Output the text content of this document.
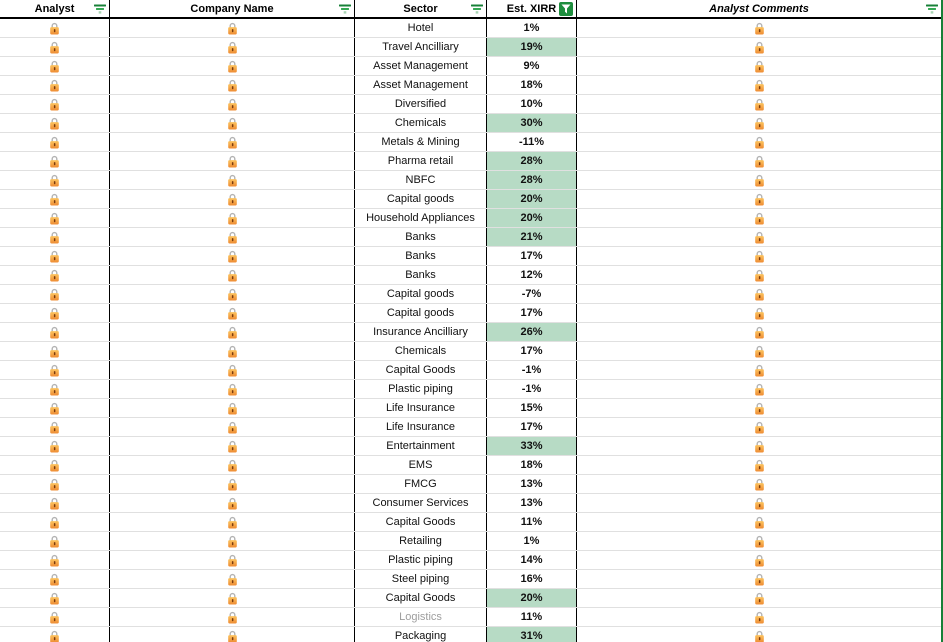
Analyst	Company Name	Sector	Est. XIRR	Analyst Comments
Hotel	1%
Travel Ancilliary	19%
Asset Management	9%
Asset Management	18%
Diversified	10%
Chemicals	30%
Metals & Mining	-11%
Pharma retail	28%
NBFC	28%
Capital goods	20%
Household Appliances	20%
Banks	21%
Banks	17%
Banks	12%
Capital goods	-7%
Capital goods	17%
Insurance Ancilliary	26%
Chemicals	17%
Capital Goods	-1%
Plastic piping	-1%
Life Insurance	15%
Life Insurance	17%
Entertainment	33%
EMS	18%
FMCG	13%
Consumer Services	13%
Capital Goods	11%
Retailing	1%
Plastic piping	14%
Steel piping	16%
Capital Goods	20%
Logistics	11%
Packaging	31%
